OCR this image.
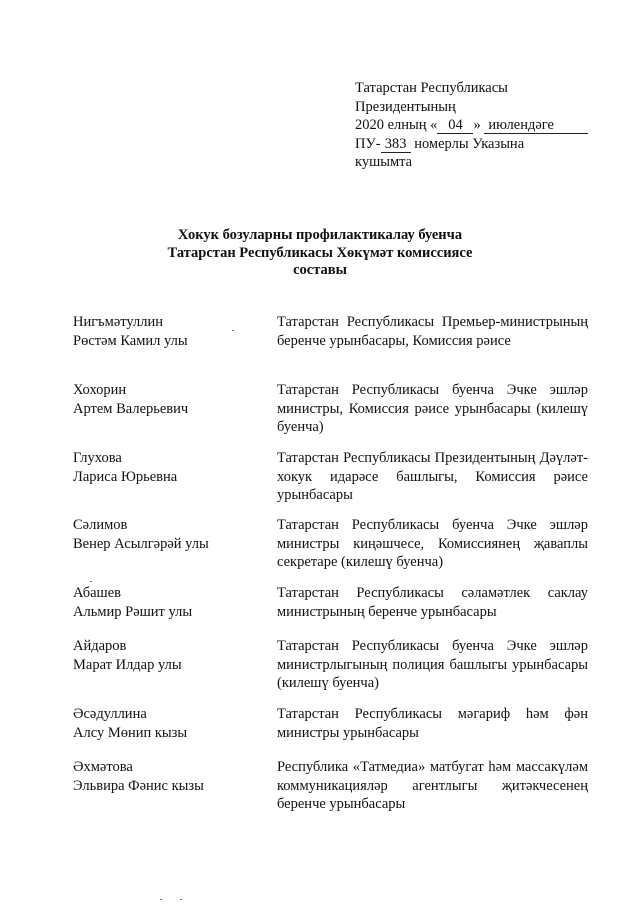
Татарстан Республикасы
Президентының
2020 елның « 04 » июлендәге
ПУ- 383 номерлы Указына
кушымта
Хокук бозуларны профилактикалау буенча
Татарстан Республикасы Хөкүмәт комиссиясе
составы
Нигъмәтуллин
Рөстәм Камил улы
Татарстан Республикасы Премьер-министрының беренче урынбасары, Комиссия рәисе
Хохорин
Артем Валерьевич
Татарстан Республикасы буенча Эчке эшләр министры, Комиссия рәисе урынбасары (килешү буенча)
Глухова
Лариса Юрьевна
Татарстан Республикасы Президентының Дәүләт-хокук идарәсе башлыгы, Комиссия рәисе урынбасары
Сәлимов
Венер Асылгәрәй улы
Татарстан Республикасы буенча Эчке эшләр министры киңәшчесе, Комиссиянең җаваплы секретаре (килешү буенча)
Абашев
Альмир Рәшит улы
Татарстан Республикасы сәламәтлек саклау министрының беренче урынбасары
Айдаров
Марат Илдар улы
Татарстан Республикасы буенча Эчке эшләр министрлыгының полиция башлыгы урынбасары (килешү буенча)
Әсәдуллина
Алсу Мөнип кызы
Татарстан Республикасы мәгариф һәм фән министры урынбасары
Әхмәтова
Эльвира Фәнис кызы
Республика «Татмедиа» матбугат һәм массакүләм коммуникацияләр агентлыгы җитәкчесенең беренче урынбасары
